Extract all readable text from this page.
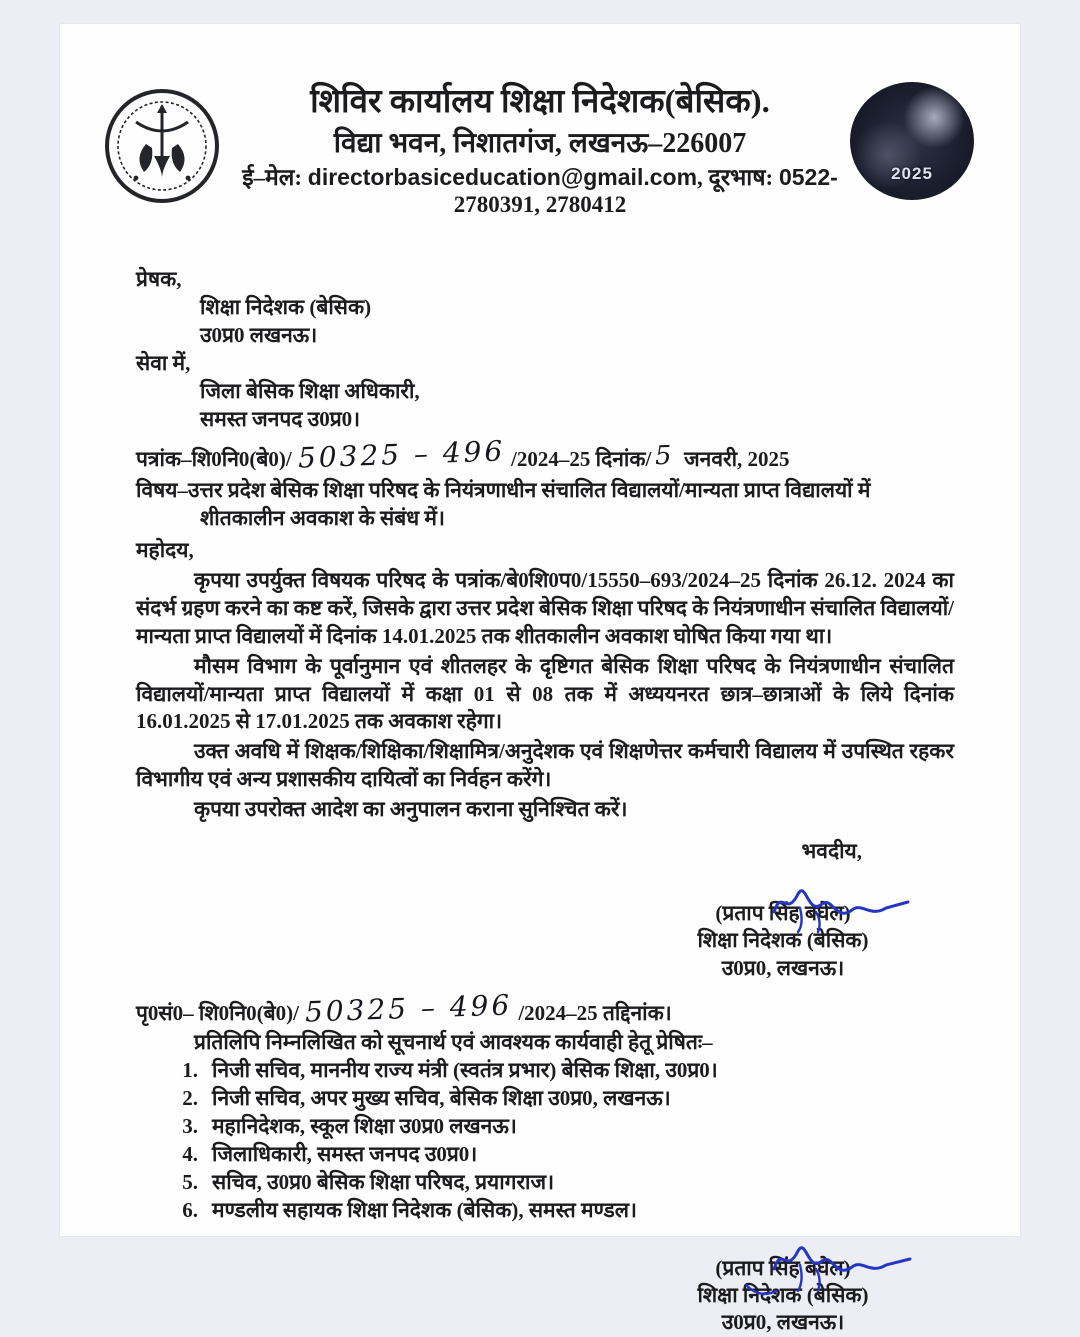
शिविर कार्यालय शिक्षा निदेशक(बेसिक).
विद्या भवन, निशातगंज, लखनऊ–226007
ई–मेल: directorbasiceducation@gmail.com, दूरभाष: 0522-
2780391, 2780412
2025

प्रेषक,

शिक्षा निदेशक (बेसिक)

उ0प्र0 लखनऊ।

सेवा में,

जिला बेसिक शिक्षा अधिकारी,

समस्त जनपद उ0प्र0।

पत्रांक–शि0नि0(बे0)/ 50325 – 496 /2024–25 दिनांक/ 5 जनवरी, 2025

विषय–उत्तर प्रदेश बेसिक शिक्षा परिषद के नियंत्रणाधीन संचालित विद्यालयों/मान्यता प्राप्त विद्यालयों में शीतकालीन अवकाश के संबंध में।

महोदय,

कृपया उपर्युक्त विषयक परिषद के पत्रांक/बे0शि0प0/15550–693/2024–25 दिनांक 26.12. 2024 का संदर्भ ग्रहण करने का कष्ट करें, जिसके द्वारा उत्तर प्रदेश बेसिक शिक्षा परिषद के नियंत्रणाधीन संचालित विद्यालयों/मान्यता प्राप्त विद्यालयों में दिनांक 14.01.2025 तक शीतकालीन अवकाश घोषित किया गया था।

मौसम विभाग के पूर्वानुमान एवं शीतलहर के दृष्टिगत बेसिक शिक्षा परिषद के नियंत्रणाधीन संचालित विद्यालयों/मान्यता प्राप्त विद्यालयों में कक्षा 01 से 08 तक में अध्ययनरत छात्र–छात्राओं के लिये दिनांक 16.01.2025 से 17.01.2025 तक अवकाश रहेगा।

उक्त अवधि में शिक्षक/शिक्षिका/शिक्षामित्र/अनुदेशक एवं शिक्षणेत्तर कर्मचारी विद्यालय में उपस्थित रहकर विभागीय एवं अन्य प्रशासकीय दायित्वों का निर्वहन करेंगे।

कृपया उपरोक्त आदेश का अनुपालन कराना सुनिश्चित करें।

भवदीय,
(प्रताप सिंह बघेल)
शिक्षा निदेशक (बेसिक)
उ0प्र0, लखनऊ।

पृ0सं0– शि0नि0(बे0)/ 50325 – 496 /2024–25 तद्दिनांक।

प्रतिलिपि निम्नलिखित को सूचनार्थ एवं आवश्यक कार्यवाही हेतू प्रेषितः–

1. निजी सचिव, माननीय राज्य मंत्री (स्वतंत्र प्रभार) बेसिक शिक्षा, उ0प्र0।
2. निजी सचिव, अपर मुख्य सचिव, बेसिक शिक्षा उ0प्र0, लखनऊ।
3. महानिदेशक, स्कूल शिक्षा उ0प्र0 लखनऊ।
4. जिलाधिकारी, समस्त जनपद उ0प्र0।
5. सचिव, उ0प्र0 बेसिक शिक्षा परिषद, प्रयागराज।
6. मण्डलीय सहायक शिक्षा निदेशक (बेसिक), समस्त मण्डल।
(प्रताप सिंह बघेल)
शिक्षा निदेशक (बेसिक)
उ0प्र0, लखनऊ।
